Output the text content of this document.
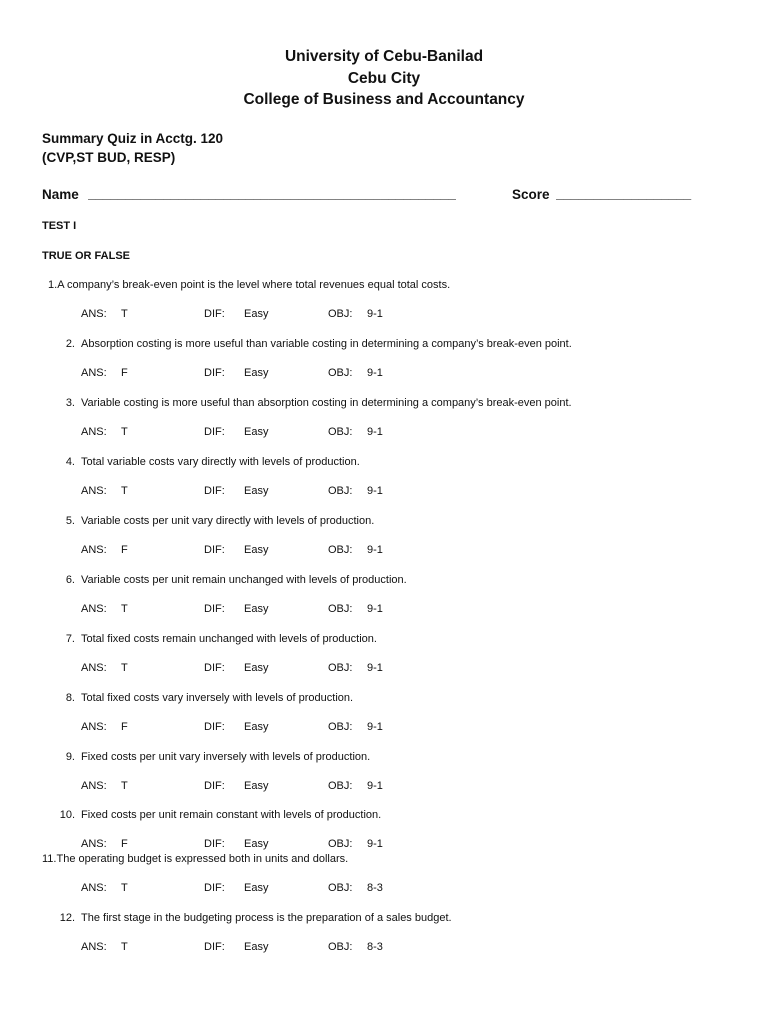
University of Cebu-Banilad
Cebu City
College of Business and Accountancy
Summary Quiz in Acctg. 120
(CVP,ST BUD, RESP)
Name _________________________________________________	Score __________________
TEST I
TRUE OR FALSE
1.A company’s break-even point is the level where total revenues equal total costs.
ANS: T	DIF: Easy	OBJ: 9-1
2. Absorption costing is more useful than variable costing in determining a company’s break-even point.
ANS: F	DIF: Easy	OBJ: 9-1
3. Variable costing is more useful than absorption costing in determining a company’s break-even point.
ANS: T	DIF: Easy	OBJ: 9-1
4. Total variable costs vary directly with levels of production.
ANS: T	DIF: Easy	OBJ: 9-1
5. Variable costs per unit vary directly with levels of production.
ANS: F	DIF: Easy	OBJ: 9-1
6. Variable costs per unit remain unchanged with levels of production.
ANS: T	DIF: Easy	OBJ: 9-1
7. Total fixed costs remain unchanged with levels of production.
ANS: T	DIF: Easy	OBJ: 9-1
8. Total fixed costs vary inversely with levels of production.
ANS: F	DIF: Easy	OBJ: 9-1
9. Fixed costs per unit vary inversely with levels of production.
ANS: T	DIF: Easy	OBJ: 9-1
10. Fixed costs per unit remain constant with levels of production.
ANS: F	DIF: Easy	OBJ: 9-1
11.The operating budget is expressed both in units and dollars.
ANS: T	DIF: Easy	OBJ: 8-3
12. The first stage in the budgeting process is the preparation of a sales budget.
ANS: T	DIF: Easy	OBJ: 8-3
